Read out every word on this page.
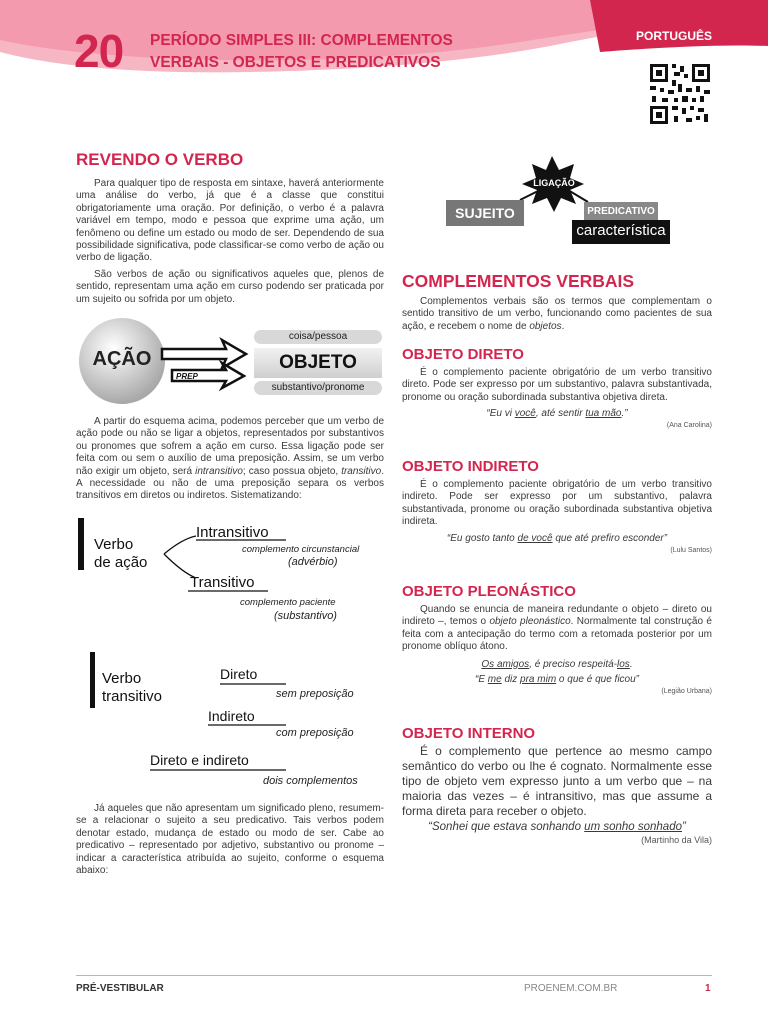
20 PERÍODO SIMPLES III: COMPLEMENTOS VERBAIS - OBJETOS E PREDICATIVOS
PORTUGUÊS
REVENDO O VERBO

Para qualquer tipo de resposta em sintaxe, haverá anteriormente uma análise do verbo, já que é a classe que constitui obrigatoriamente uma oração. Por definição, o verbo é a palavra variável em tempo, modo e pessoa que exprime uma ação, um fenômeno ou define um estado ou modo de ser. Dependendo de sua possibilidade significativa, pode classificar-se como verbo de ação ou verbo de ligação.

São verbos de ação ou significativos aqueles que, plenos de sentido, representam uma ação em curso podendo ser praticada por um sujeito ou sofrida por um objeto.

AÇÃO
PREP
coisa/pessoa
OBJETO
substantivo/pronome

A partir do esquema acima, podemos perceber que um verbo de ação pode ou não se ligar a objetos, representados por substantivos ou pronomes que sofrem a ação em curso. Essa ligação pode ser feita com ou sem o auxílio de uma preposição. Assim, se um verbo não exigir um objeto, será intransitivo; caso possua objeto, transitivo. A necessidade ou não de uma preposição separa os verbos transitivos em diretos ou indiretos. Sistematizando:

Verbo
de ação
Intransitivo
complemento circunstancial
(advérbio)
Transitivo
complemento paciente
(substantivo)
Verbo
transitivo
Direto
sem preposição
Indireto
com preposição
Direto e indireto
dois complementos

Já aqueles que não apresentam um significado pleno, resumem-se a relacionar o sujeito a seu predicativo. Tais verbos podem denotar estado, mudança de estado ou modo de ser. Cabe ao predicativo – representado por adjetivo, substantivo ou pronome – indicar a característica atribuída ao sujeito, conforme o esquema abaixo:

LIGAÇÃO
SUJEITO	PREDICATIVO
característica
COMPLEMENTOS VERBAIS

Complementos verbais são os termos que complementam o sentido transitivo de um verbo, funcionando como pacientes de sua ação, e recebem o nome de objetos.

OBJETO DIRETO

É o complemento paciente obrigatório de um verbo transitivo direto. Pode ser expresso por um substantivo, palavra substantivada, pronome ou oração subordinada substantiva objetiva direta.

“Eu vi você, até sentir tua mão.”

(Ana Carolina)

OBJETO INDIRETO

É o complemento paciente obrigatório de um verbo transitivo indireto. Pode ser expresso por um substantivo, palavra substantivada, pronome ou oração subordinada substantiva objetiva indireta.

“Eu gosto tanto de você que até prefiro esconder”

(Lulu Santos)

OBJETO PLEONÁSTICO

Quando se enuncia de maneira redundante o objeto – direto ou indireto –, temos o objeto pleonástico. Normalmente tal construção é feita com a antecipação do termo com a retomada posterior por um pronome oblíquo átono.

Os amigos, é preciso respeitá-los.

“E me diz pra mim o que é que ficou”

(Legião Urbana)

OBJETO INTERNO

É o complemento que pertence ao mesmo campo semântico do verbo ou lhe é cognato. Normalmente esse tipo de objeto vem expresso junto a um verbo que – na maioria das vezes – é intransitivo, mas que assume a forma direta para receber o objeto.

“Sonhei que estava sonhando um sonho sonhado”

(Martinho da Vila)

PRÉ-VESTIBULAR	PROENEM.COM.BR	1
